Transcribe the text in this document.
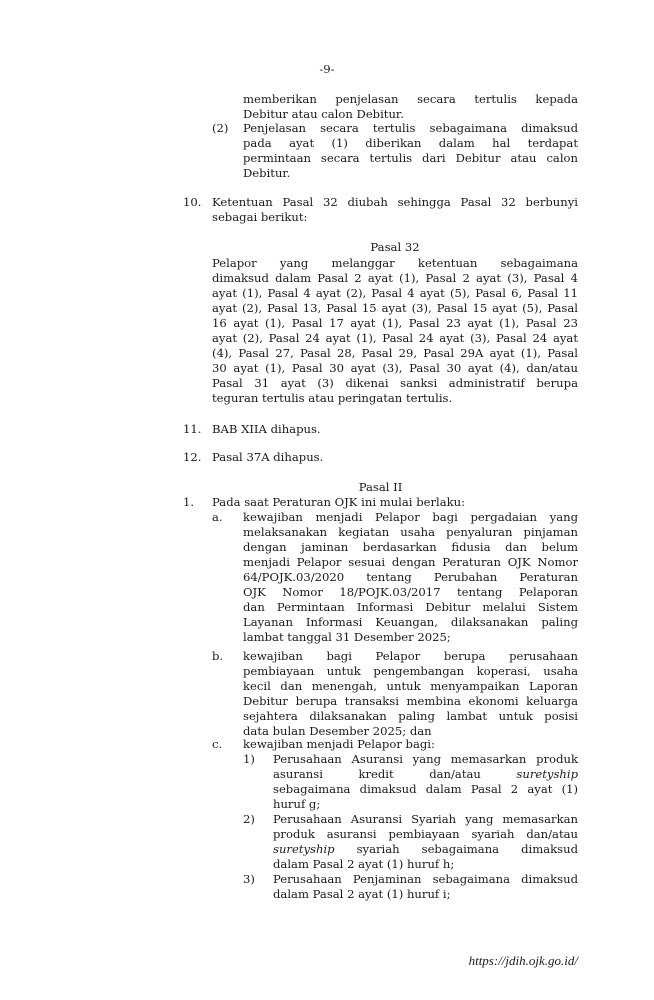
-9-
Pasal 32
Pasal II
memberikan penjelasan secara tertulis kepada
Debitur atau calon Debitur.
(2) Penjelasan secara tertulis sebagaimana dimaksud
pada ayat (1) diberikan dalam hal terdapat
permintaan secara tertulis dari Debitur atau calon
Debitur.
10. Ketentuan Pasal 32 diubah sehingga Pasal 32 berbunyi
sebagai berikut:
Pelapor yang melanggar ketentuan sebagaimana
dimaksud dalam Pasal 2 ayat (1), Pasal 2 ayat (3), Pasal 4
ayat (1), Pasal 4 ayat (2), Pasal 4 ayat (5), Pasal 6, Pasal 11
ayat (2), Pasal 13, Pasal 15 ayat (3), Pasal 15 ayat (5), Pasal
16 ayat (1), Pasal 17 ayat (1), Pasal 23 ayat (1), Pasal 23
ayat (2), Pasal 24 ayat (1), Pasal 24 ayat (3), Pasal 24 ayat
(4), Pasal 27, Pasal 28, Pasal 29, Pasal 29A ayat (1), Pasal
30 ayat (1), Pasal 30 ayat (3), Pasal 30 ayat (4), dan/atau
Pasal 31 ayat (3) dikenai sanksi administratif berupa
teguran tertulis atau peringatan tertulis.
11. BAB XIIA dihapus.
12. Pasal 37A dihapus.
1. Pada saat Peraturan OJK ini mulai berlaku:
a. kewajiban menjadi Pelapor bagi pergadaian yang
melaksanakan kegiatan usaha penyaluran pinjaman
dengan jaminan berdasarkan fidusia dan belum
menjadi Pelapor sesuai dengan Peraturan OJK Nomor
64/POJK.03/2020 tentang Perubahan Peraturan
OJK Nomor 18/POJK.03/2017 tentang Pelaporan
dan Permintaan Informasi Debitur melalui Sistem
Layanan Informasi Keuangan, dilaksanakan paling
lambat tanggal 31 Desember 2025;
b. kewajiban bagi Pelapor berupa perusahaan
pembiayaan untuk pengembangan koperasi, usaha
kecil dan menengah, untuk menyampaikan Laporan
Debitur berupa transaksi membina ekonomi keluarga
sejahtera dilaksanakan paling lambat untuk posisi
data bulan Desember 2025; dan
c. kewajiban menjadi Pelapor bagi:
1) Perusahaan Asuransi yang memasarkan produk
asuransi kredit dan/atau suretyship
sebagaimana dimaksud dalam Pasal 2 ayat (1)
huruf g;
2) Perusahaan Asuransi Syariah yang memasarkan
produk asuransi pembiayaan syariah dan/atau
suretyship syariah sebagaimana dimaksud
dalam Pasal 2 ayat (1) huruf h;
3) Perusahaan Penjaminan sebagaimana dimaksud
dalam Pasal 2 ayat (1) huruf i;
https://jdih.ojk.go.id/
